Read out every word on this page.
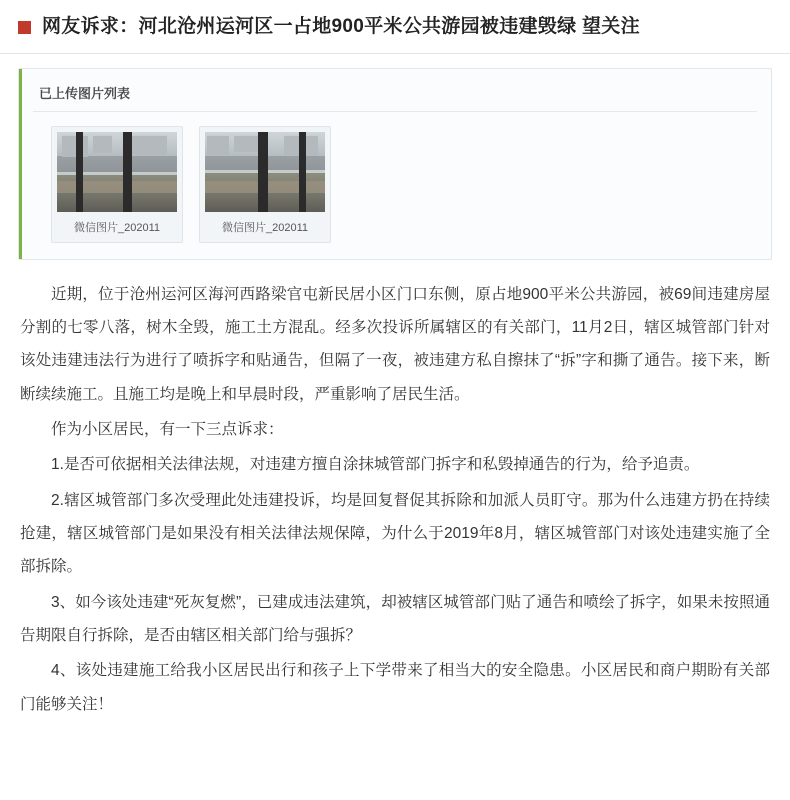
网友诉求：河北沧州运河区一占地900平米公共游园被违建毁绿 望关注
已上传图片列表
微信图片_202011	微信图片_202011

近期，位于沧州运河区海河西路梁官屯新民居小区门口东侧，原占地900平米公共游园，被69间违建房屋分割的七零八落，树木全毁，施工土方混乱。经多次投诉所属辖区的有关部门，11月2日，辖区城管部门针对该处违建违法行为进行了喷拆字和贴通告，但隔了一夜，被违建方私自擦抹了“拆”字和撕了通告。接下来，断断续续施工。且施工均是晚上和早晨时段，严重影响了居民生活。

作为小区居民，有一下三点诉求：

1.是否可依据相关法律法规，对违建方擅自涂抹城管部门拆字和私毁掉通告的行为，给予追责。

2.辖区城管部门多次受理此处违建投诉，均是回复督促其拆除和加派人员盯守。那为什么违建方扔在持续抢建，辖区城管部门是如果没有相关法律法规保障，为什么于2019年8月，辖区城管部门对该处违建实施了全部拆除。

3、如今该处违建“死灰复燃”，已建成违法建筑，却被辖区城管部门贴了通告和喷绘了拆字，如果未按照通告期限自行拆除，是否由辖区相关部门给与强拆？

4、该处违建施工给我小区居民出行和孩子上下学带来了相当大的安全隐患。小区居民和商户期盼有关部门能够关注！
